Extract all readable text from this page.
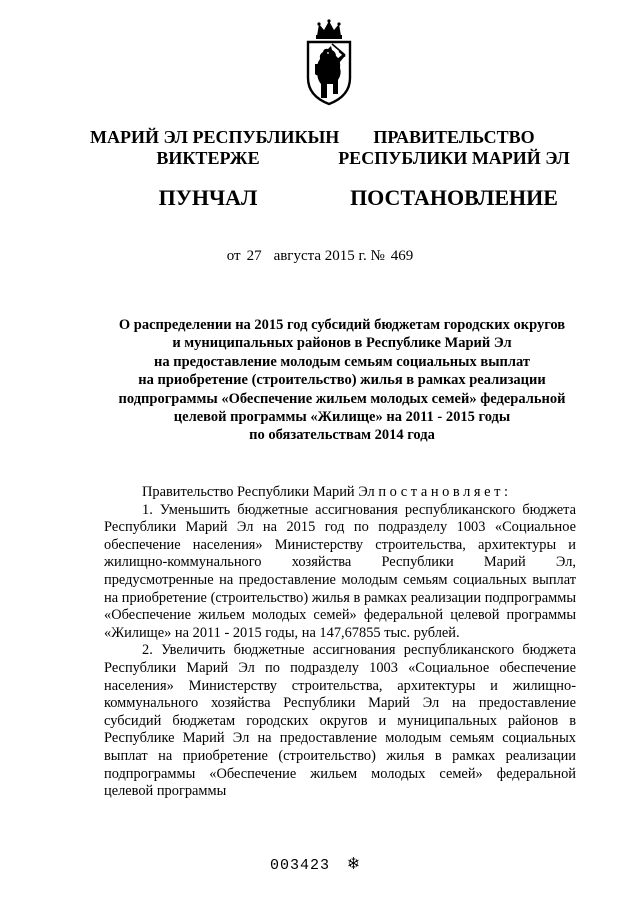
МАРИЙ ЭЛ РЕСПУБЛИКЫН
ВИКТЕРЖЕ
ПУНЧАЛ
ПРАВИТЕЛЬСТВО
РЕСПУБЛИКИ МАРИЙ ЭЛ
ПОСТАНОВЛЕНИЕ
от 27 августа 2015 г. № 469
О распределении на 2015 год субсидий бюджетам городских округов
и муниципальных районов в Республике Марий Эл
на предоставление молодым семьям социальных выплат
на приобретение (строительство) жилья в рамках реализации
подпрограммы «Обеспечение жильем молодых семей» федеральной
целевой программы «Жилище» на 2011 - 2015 годы
по обязательствам 2014 года

Правительство Республики Марий Эл постановляет:

1. Уменьшить бюджетные ассигнования республиканского бюджета Республики Марий Эл на 2015 год по подразделу 1003 «Социальное обеспечение населения» Министерству строительства, архитектуры и жилищно-коммунального хозяйства Республики Марий Эл, предусмотренные на предоставление молодым семьям социальных выплат на приобретение (строительство) жилья в рамках реализации подпрограммы «Обеспечение жильем молодых семей» федеральной целевой программы «Жилище» на 2011 - 2015 годы, на 147,67855 тыс. рублей.

2. Увеличить бюджетные ассигнования республиканского бюджета Республики Марий Эл по подразделу 1003 «Социальное обеспечение населения» Министерству строительства, архитектуры и жилищно-коммунального хозяйства Республики Марий Эл на предоставление субсидий бюджетам городских округов и муниципальных районов в Республике Марий Эл на предоставление молодым семьям социальных выплат на приобретение (строительство) жилья в рамках реализации подпрограммы «Обеспечение жильем молодых семей» федеральной целевой программы

003423 ❄
